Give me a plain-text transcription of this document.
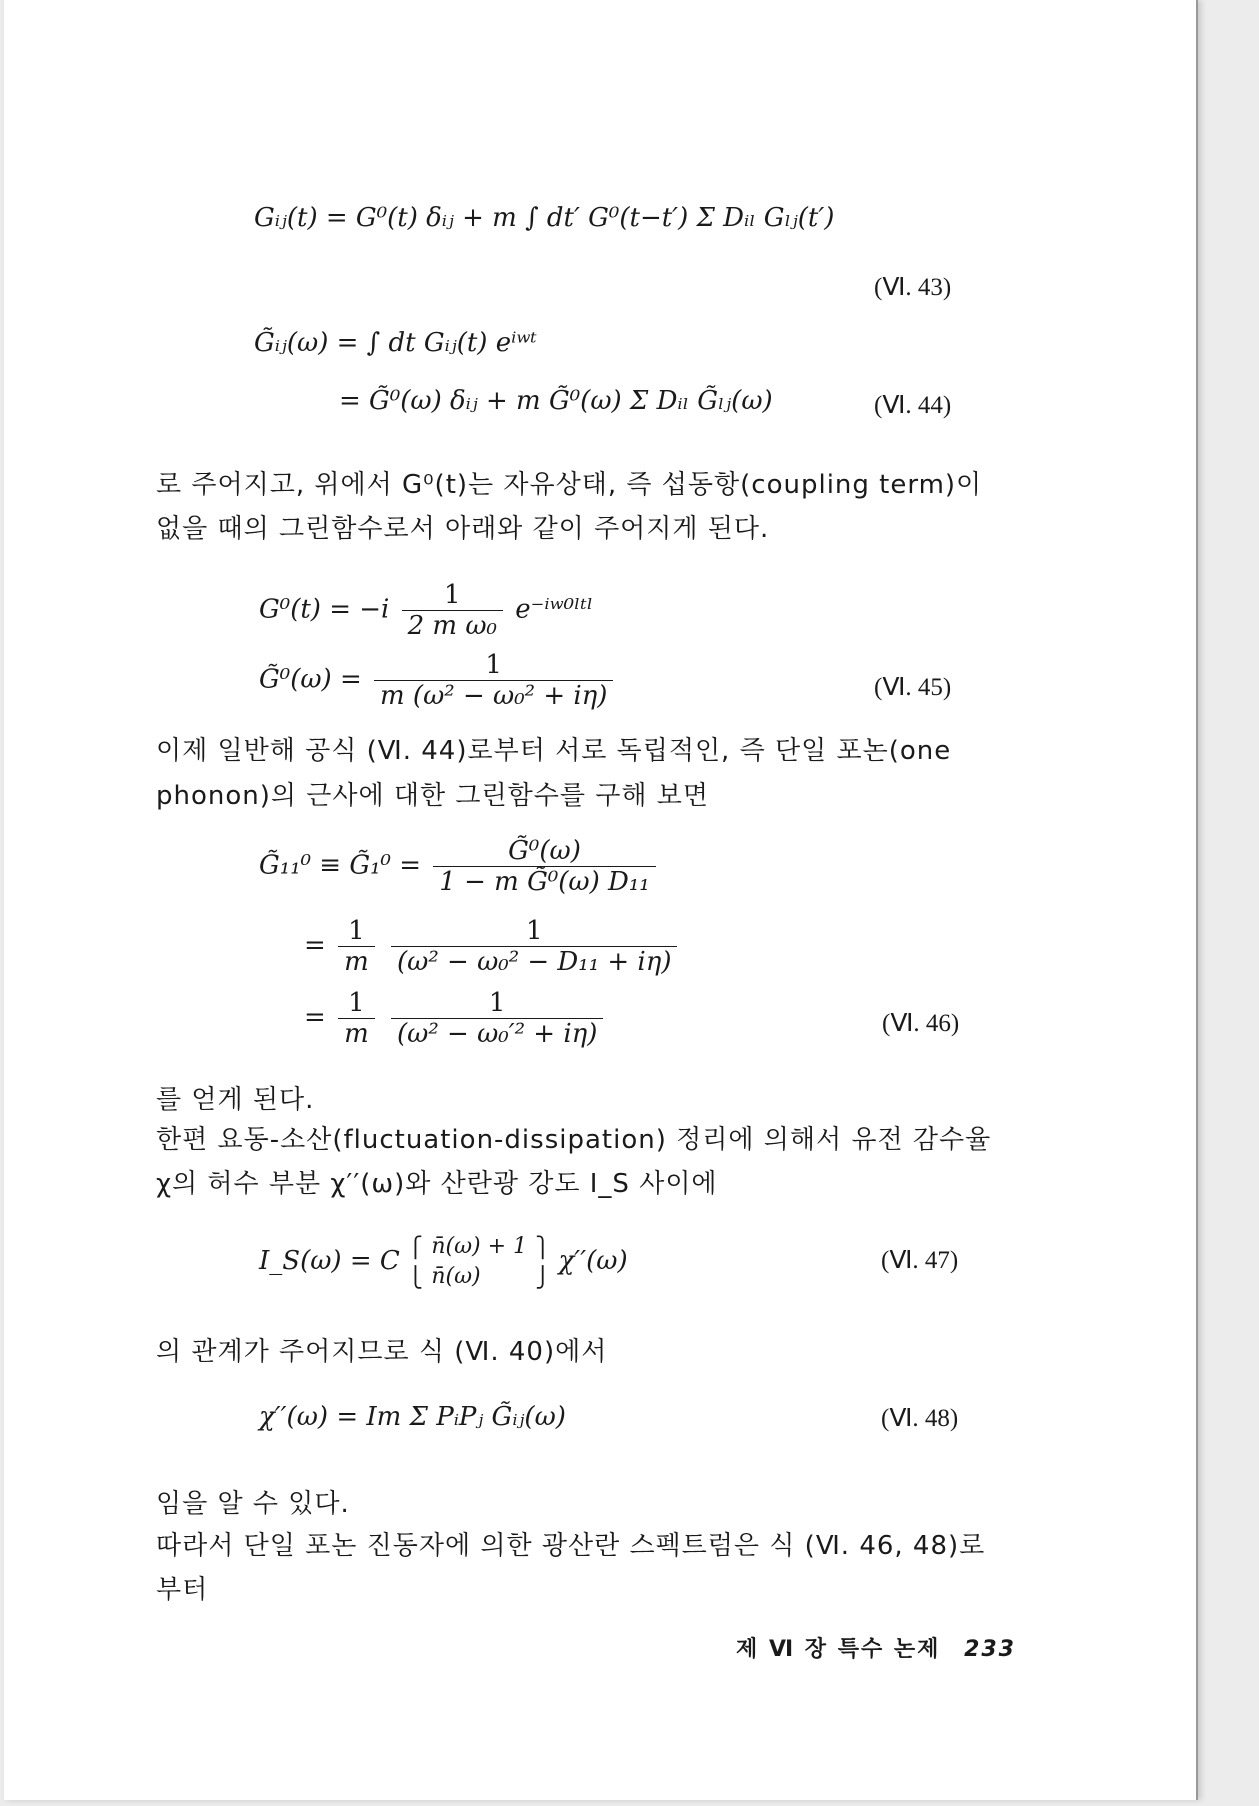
Gᵢⱼ(t) = G⁰(t) δᵢⱼ + m ∫ dt′ G⁰(t−t′) Σ Dᵢₗ Gₗⱼ(t′)
(Ⅵ. 43)
G̃ᵢⱼ(ω) = ∫ dt Gᵢⱼ(t) eⁱʷᵗ
= G̃⁰(ω) δᵢⱼ + m G̃⁰(ω) Σ Dᵢₗ G̃ₗⱼ(ω)	(Ⅵ. 44)
로 주어지고, 위에서 G⁰(t)는 자유상태, 즉 섭동항(coupling term)이
없을 때의 그린함수로서 아래와 같이 주어지게 된다.
$G^0(t) = -i \frac{1}{\text{2 m ω₀}}$ e⁻ⁱʷ⁰ˡᵗˡ
G̃⁰(ω) = $\frac{1}{\text{m (ω² − ω₀² + iη)}}$	(Ⅵ. 45)
이제 일반해 공식 (Ⅵ. 44)로부터 서로 독립적인, 즉 단일 포논(one
phonon)의 근사에 대한 그린함수를 구해 보면
G̃₁₁⁰ ≡ G̃₁⁰ = $\frac{\text{G̃⁰(ω)}}{\text{1 − m G̃⁰(ω) D₁₁}}$
= $\frac{1}{m}$
$\frac{1}{\text{(ω² − ω₀² − D₁₁ + iη)}}$
= $\frac{1}{m}$
$\frac{1}{\text{(ω² − ω₀′² + iη)}}$	(Ⅵ. 46)
를 얻게 된다.
한편 요동-소산(fluctuation-dissipation) 정리에 의해서 유전 감수율
χ의 허수 부분 χ′′(ω)와 산란광 강도 I_S 사이에
I_S(ω) = C ⎧
⎩

n̄(ω) + 1
n̄(ω)

⎫
⎭
χ′′(ω)	(Ⅵ. 47)
의 관계가 주어지므로 식 (Ⅵ. 40)에서
χ′′(ω) = Im Σ PᵢPⱼ G̃ᵢⱼ(ω)	(Ⅵ. 48)
임을 알 수 있다.
따라서 단일 포논 진동자에 의한 광산란 스펙트럼은 식 (Ⅵ. 46, 48)로
부터
제 Ⅵ 장 특수 논제 233
